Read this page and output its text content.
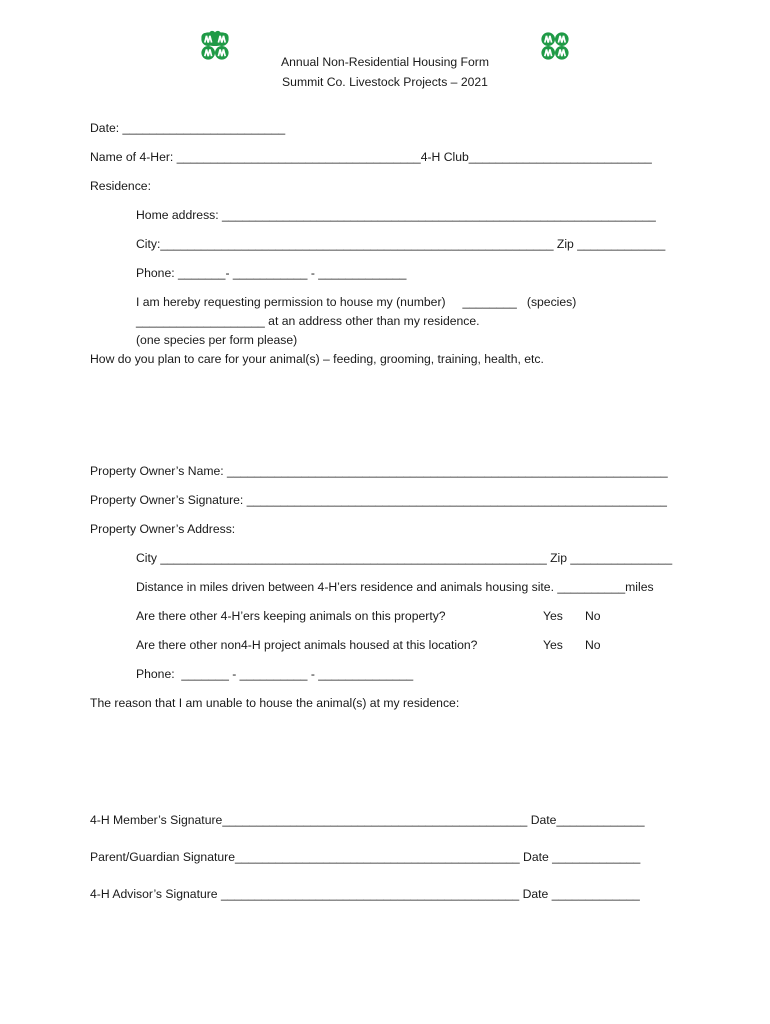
Annual Non-Residential Housing Form
Summit Co. Livestock Projects – 2021
Date: ________________________
Name of 4-Her: ____________________________________4-H Club___________________________
Residence:
Home address: ________________________________________________________________
City:__________________________________________________________ Zip _____________
Phone: _______- ___________ - _____________
I am hereby requesting permission to house my (number)     ________   (species)
___________________ at an address other than my residence.
(one species per form please)
How do you plan to care for your animal(s) – feeding, grooming, training, health, etc.
Property Owner’s Name: _________________________________________________________________
Property Owner’s Signature: ______________________________________________________________
Property Owner’s Address:
City _________________________________________________________ Zip _______________
Distance in miles driven between 4-H’ers residence and animals housing site. __________miles
Are there other 4-H’ers keeping animals on this property?	Yes No
Are there other non4-H project animals housed at this location?	Yes No
Phone:  _______ - __________ - ______________
The reason that I am unable to house the animal(s) at my residence:
4-H Member’s Signature_____________________________________________ Date_____________
Parent/Guardian Signature__________________________________________ Date _____________
4-H Advisor’s Signature ____________________________________________ Date _____________
